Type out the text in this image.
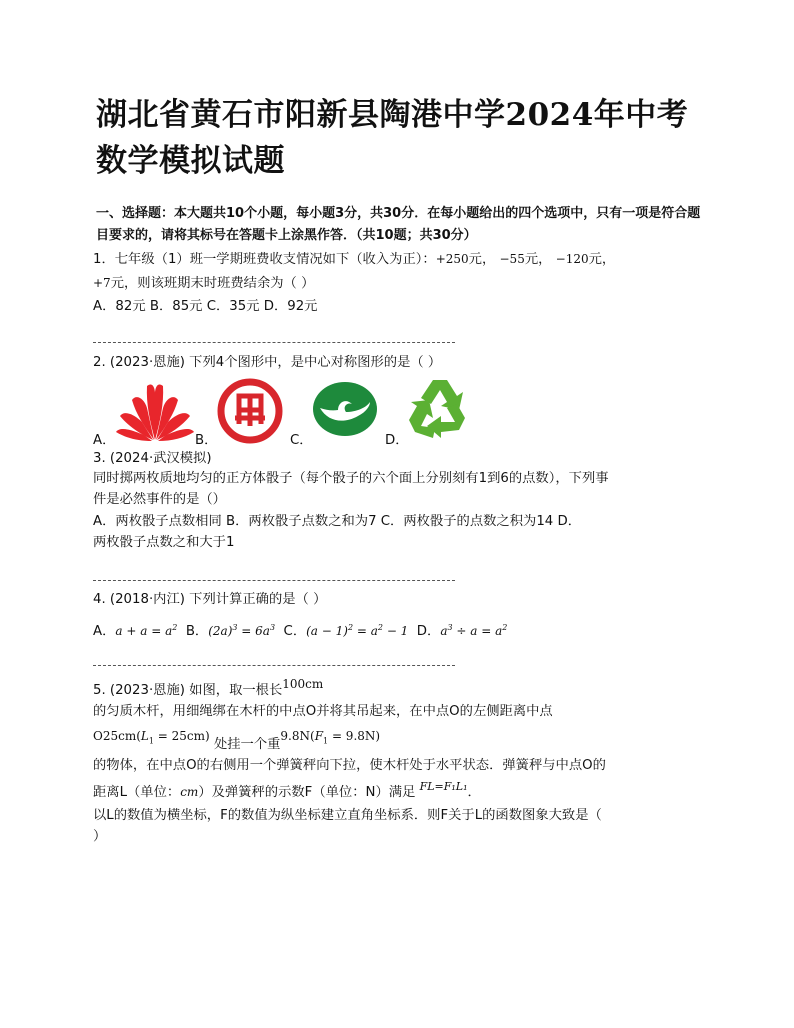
湖北省黄石市阳新县陶港中学2024年中考数学模拟试题
一、选择题：本大题共10个小题，每小题3分，共30分．在每小题给出的四个选项中，只有一项是符合题目要求的，请将其标号在答题卡上涂黑作答．（共10题；共30分）
1．七年级（1）班一学期班费收支情况如下（收入为正）：+250元， −55元， −120元，
+7元，则该班期末时班费结余为（ ）
A．82元 B．85元 C．35元 D．92元
2. (2023·恩施) 下列4个图形中，是中心对称图形的是（ ）
A．	B．	C．	D．
3. (2024·武汉模拟)
同时掷两枚质地均匀的正方体骰子（每个骰子的六个面上分别刻有1到6的点数），下列事
件是必然事件的是（）
A．两枚骰子点数相同 B．两枚骰子点数之和为7 C．两枚骰子的点数之积为14 D．
两枚骰子点数之和大于1
4. (2018·内江) 下列计算正确的是（ ）
A．$a + a = a^2$ B．$(2a)^3 = 6a^3$ C．$(a - 1)^2 = a^2 - 1$ D．$a^3 \div a = a^2$
5. (2023·恩施) 如图，取一根长100cm
的匀质木杆，用细绳绑在木杆的中点O并将其吊起来，在中点O的左侧距离中点
$O25cm(L_1 = 25cm)$ 处挂一个重$9.8N(F_1 = 9.8N)$
的物体，在中点O的右侧用一个弹簧秤向下拉，使木杆处于水平状态．弹簧秤与中点O的
距离L（单位：cm）及弹簧秤的示数F（单位：N）满足 $^{FL=F_1L_1}$．
以L的数值为横坐标，F的数值为纵坐标建立直角坐标系．则F关于L的函数图象大致是（
）
